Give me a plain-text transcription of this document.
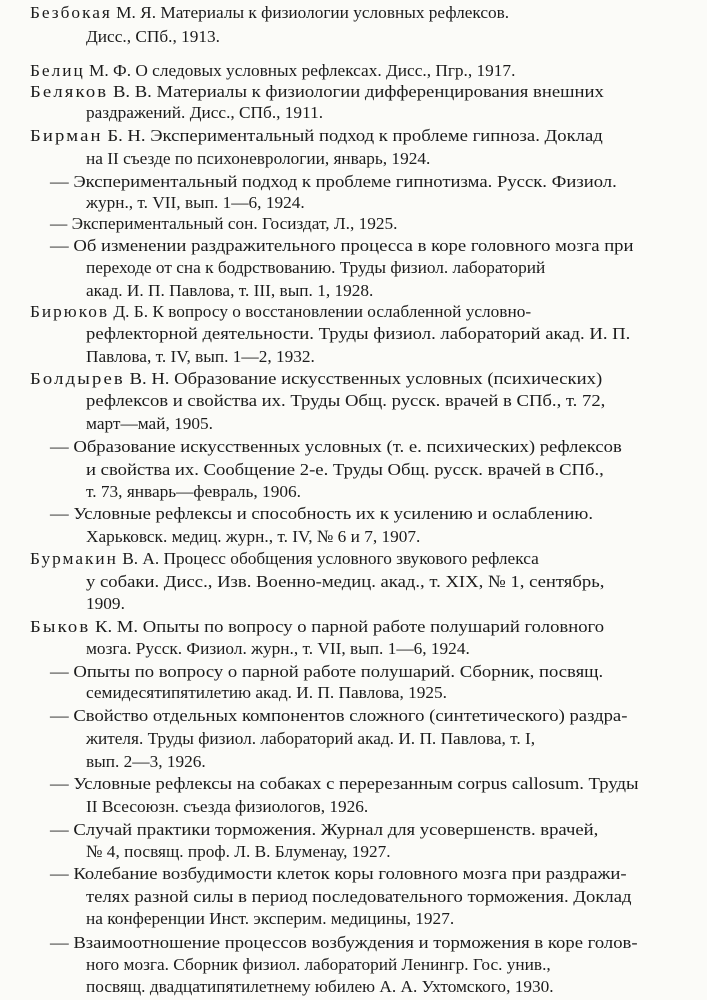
Безбокая М. Я. Материалы к физиологии условных рефлексов.
Дисс., СПб., 1913.
Белиц М. Ф. О следовых условных рефлексах. Дисс., Пгр., 1917.
Беляков В. В. Материалы к физиологии дифференцирования внешних
раздражений. Дисс., СПб., 1911.
Бирман Б. Н. Экспериментальный подход к проблеме гипноза. Доклад
на II съезде по психоневрологии, январь, 1924.
— Экспериментальный подход к проблеме гипнотизма. Русск. Физиол.
журн., т. VII, вып. 1—6, 1924.
— Экспериментальный сон. Госиздат, Л., 1925.
— Об изменении раздражительного процесса в коре головного мозга при
переходе от сна к бодрствованию. Труды физиол. лабораторий
акад. И. П. Павлова, т. III, вып. 1, 1928.
Бирюков Д. Б. К вопросу о восстановлении ослабленной условно-
рефлекторной деятельности. Труды физиол. лабораторий акад. И. П.
Павлова, т. IV, вып. 1—2, 1932.
Болдырев В. Н. Образование искусственных условных (психических)
рефлексов и свойства их. Труды Общ. русск. врачей в СПб., т. 72,
март—май, 1905.
— Образование искусственных условных (т. е. психических) рефлексов
и свойства их. Сообщение 2-е. Труды Общ. русск. врачей в СПб.,
т. 73, январь—февраль, 1906.
— Условные рефлексы и способность их к усилению и ослаблению.
Харьковск. медиц. журн., т. IV, № 6 и 7, 1907.
Бурмакин В. А. Процесс обобщения условного звукового рефлекса
у собаки. Дисс., Изв. Военно-медиц. акад., т. XIX, № 1, сентябрь,
1909.
Быков К. М. Опыты по вопросу о парной работе полушарий головного
мозга. Русск. Физиол. журн., т. VII, вып. 1—6, 1924.
— Опыты по вопросу о парной работе полушарий. Сборник, посвящ.
семидесятипятилетию акад. И. П. Павлова, 1925.
— Свойство отдельных компонентов сложного (синтетического) раздра-
жителя. Труды физиол. лабораторий акад. И. П. Павлова, т. I,
вып. 2—3, 1926.
— Условные рефлексы на собаках с перерезанным corpus callosum. Труды
II Всесоюзн. съезда физиологов, 1926.
— Случай практики торможения. Журнал для усовершенств. врачей,
№ 4, посвящ. проф. Л. В. Блуменау, 1927.
— Колебание возбудимости клеток коры головного мозга при раздражи-
телях разной силы в период последовательного торможения. Доклад
на конференции Инст. эксперим. медицины, 1927.
— Взаимоотношение процессов возбуждения и торможения в коре голов-
ного мозга. Сборник физиол. лабораторий Ленингр. Гос. унив.,
посвящ. двадцатипятилетнему юбилею А. А. Ухтомского, 1930.
